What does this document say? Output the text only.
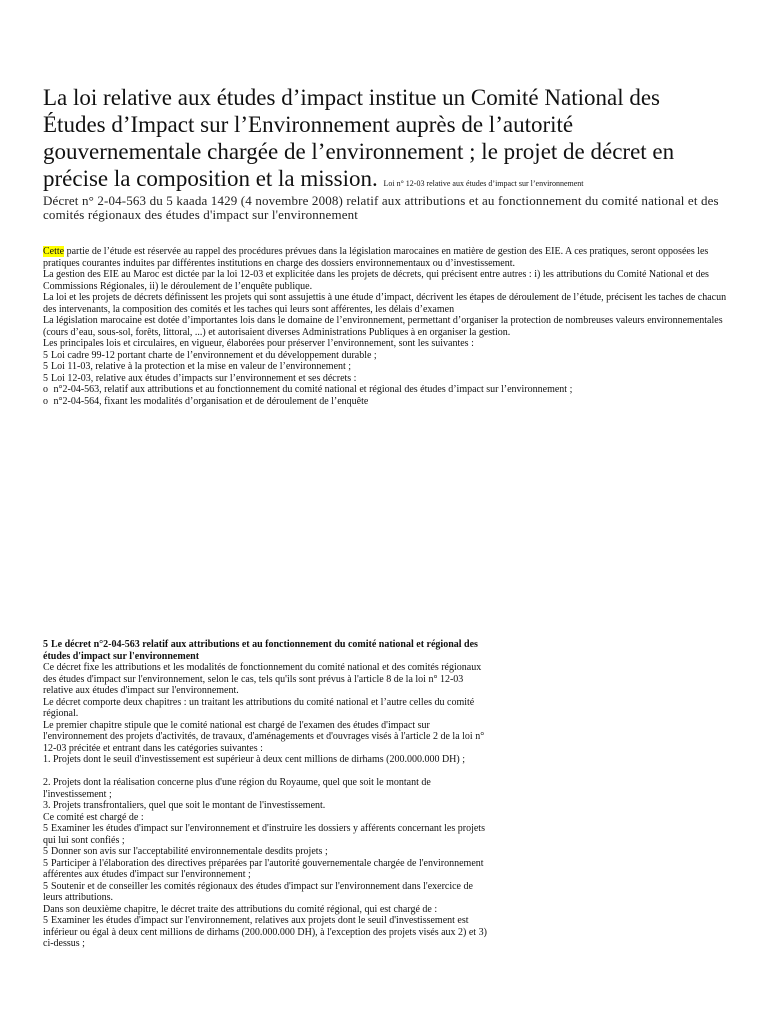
La loi relative aux études d’impact institue un Comité National des Études d’Impact sur l’Environnement auprès de l’autorité gouvernementale chargée de l’environnement ; le projet de décret en précise la composition et la mission. Loi n° 12-03 relative aux études d’impact sur l’environnement
Décret n° 2-04-563 du 5 kaada 1429 (4 novembre 2008) relatif aux attributions et au fonctionnement du comité national et des comités régionaux des études d'impact sur l'environnement

Cette partie de l’étude est réservée au rappel des procédures prévues dans la législation marocaines en matière de gestion des EIE. A ces pratiques, seront opposées les pratiques courantes induites par différentes institutions en charge des dossiers environnementaux ou d’investissement.

La gestion des EIE au Maroc est dictée par la loi 12-03 et explicitée dans les projets de décrets, qui précisent entre autres : i) les attributions du Comité National et des Commissions Régionales, ii) le déroulement de l’enquête publique.

La loi et les projets de décrets définissent les projets qui sont assujettis à une étude d’impact, décrivent les étapes de déroulement de l’étude, précisent les taches de chacun des intervenants, la composition des comités et les taches qui leurs sont afférentes, les délais d’examen

La législation marocaine est dotée d’importantes lois dans le domaine de l’environnement, permettant d’organiser la protection de nombreuses valeurs environnementales (cours d’eau, sous-sol, forêts, littoral, ...) et autorisaient diverses Administrations Publiques à en organiser la gestion.

Les principales lois et circulaires, en vigueur, élaborées pour préserver l’environnement, sont les suivantes :

5 Loi cadre 99-12 portant charte de l’environnement et du développement durable ;

5 Loi 11-03, relative à la protection et la mise en valeur de l’environnement ;

5 Loi 12-03, relative aux études d’impacts sur l’environnement et ses décrets :

o n°2-04-563, relatif aux attributions et au fonctionnement du comité national et régional des études d’impact sur l’environnement ;

o n°2-04-564, fixant les modalités d’organisation et de déroulement de l’enquête

5 Le décret n°2-04-563 relatif aux attributions et au fonctionnement du comité national et régional des études d'impact sur l'environnement

Ce décret fixe les attributions et les modalités de fonctionnement du comité national et des comités régionaux des études d'impact sur l'environnement, selon le cas, tels qu'ils sont prévus à l'article 8 de la loi n° 12-03 relative aux études d'impact sur l'environnement.

Le décret comporte deux chapitres : un traitant les attributions du comité national et l’autre celles du comité régional.

Le premier chapitre stipule que le comité national est chargé de l'examen des études d'impact sur l'environnement des projets d'activités, de travaux, d'aménagements et d'ouvrages visés à l'article 2 de la loi n° 12-03 précitée et entrant dans les catégories suivantes :

1. Projets dont le seuil d'investissement est supérieur à deux cent millions de dirhams (200.000.000 DH) ;

2. Projets dont la réalisation concerne plus d'une région du Royaume, quel que soit le montant de l'investissement ;

3. Projets transfrontaliers, quel que soit le montant de l'investissement.

Ce comité est chargé de :

5 Examiner les études d'impact sur l'environnement et d'instruire les dossiers y afférents concernant les projets qui lui sont confiés ;

5 Donner son avis sur l'acceptabilité environnementale desdits projets ;

5 Participer à l'élaboration des directives préparées par l'autorité gouvernementale chargée de l'environnement afférentes aux études d'impact sur l'environnement ;

5 Soutenir et de conseiller les comités régionaux des études d'impact sur l'environnement dans l'exercice de leurs attributions.

Dans son deuxième chapitre, le décret traite des attributions du comité régional, qui est chargé de :

5 Examiner les études d'impact sur l'environnement, relatives aux projets dont le seuil d'investissement est inférieur ou égal à deux cent millions de dirhams (200.000.000 DH), à l'exception des projets visés aux 2) et 3) ci-dessus ;
